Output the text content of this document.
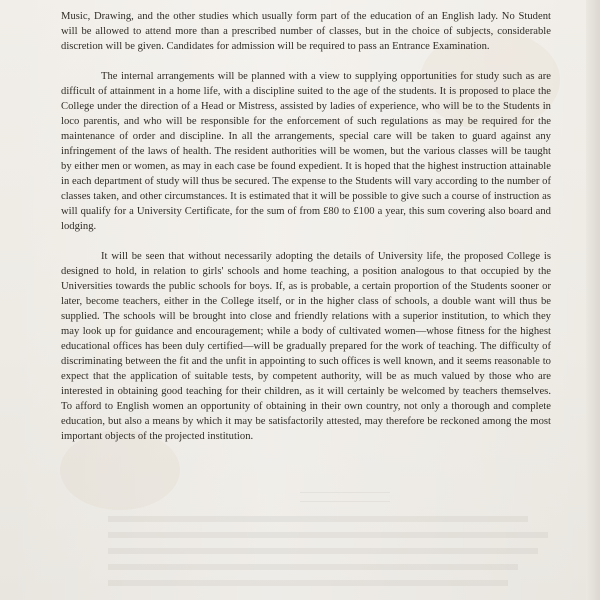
Music, Drawing, and the other studies which usually form part of the education of an English lady. No Student will be allowed to attend more than a prescribed number of classes, but in the choice of subjects, considerable discretion will be given. Candidates for admission will be required to pass an Entrance Examination.

The internal arrangements will be planned with a view to supplying opportunities for study such as are difficult of attainment in a home life, with a discipline suited to the age of the students. It is proposed to place the College under the direction of a Head or Mistress, assisted by ladies of experience, who will be to the Students in loco parentis, and who will be responsible for the enforcement of such regulations as may be required for the maintenance of order and discipline. In all the arrangements, special care will be taken to guard against any infringement of the laws of health. The resident authorities will be women, but the various classes will be taught by either men or women, as may in each case be found expedient. It is hoped that the highest instruction attainable in each department of study will thus be secured. The expense to the Students will vary according to the number of classes taken, and other circumstances. It is estimated that it will be possible to give such a course of instruction as will qualify for a University Certificate, for the sum of from £80 to £100 a year, this sum covering also board and lodging.

It will be seen that without necessarily adopting the details of University life, the proposed College is designed to hold, in relation to girls' schools and home teaching, a position analogous to that occupied by the Universities towards the public schools for boys. If, as is probable, a certain proportion of the Students sooner or later, become teachers, either in the College itself, or in the higher class of schools, a double want will thus be supplied. The schools will be brought into close and friendly relations with a superior institution, to which they may look up for guidance and encouragement; while a body of cultivated women—whose fitness for the highest educational offices has been duly certified—will be gradually prepared for the work of teaching. The difficulty of discriminating between the fit and the unfit in appointing to such offices is well known, and it seems reasonable to expect that the application of suitable tests, by competent authority, will be as much valued by those who are interested in obtaining good teaching for their children, as it will certainly be welcomed by teachers themselves. To afford to English women an opportunity of obtaining in their own country, not only a thorough and complete education, but also a means by which it may be satisfactorily attested, may therefore be reckoned among the most important objects of the projected institution.
